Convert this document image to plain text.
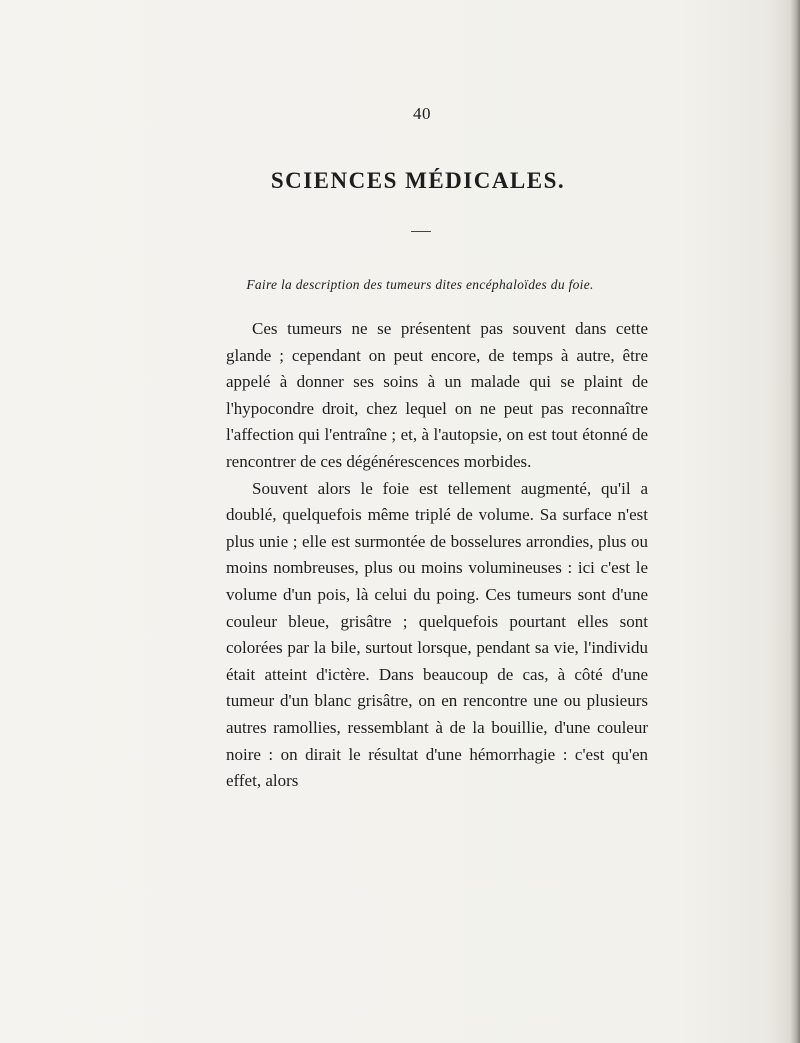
40
SCIENCES MÉDICALES.
Faire la description des tumeurs dites encéphaloïdes du foie.

Ces tumeurs ne se présentent pas souvent dans cette glande ; cependant on peut encore, de temps à autre, être appelé à donner ses soins à un malade qui se plaint de l'hypocondre droit, chez lequel on ne peut pas reconnaître l'affection qui l'entraîne ; et, à l'autopsie, on est tout étonné de rencontrer de ces dégénérescences morbides.

Souvent alors le foie est tellement augmenté, qu'il a doublé, quelquefois même triplé de volume. Sa surface n'est plus unie ; elle est surmontée de bosselures arrondies, plus ou moins nombreuses, plus ou moins volumineuses : ici c'est le volume d'un pois, là celui du poing. Ces tumeurs sont d'une couleur bleue, grisâtre ; quelquefois pourtant elles sont colorées par la bile, surtout lorsque, pendant sa vie, l'individu était atteint d'ictère. Dans beaucoup de cas, à côté d'une tumeur d'un blanc grisâtre, on en rencontre une ou plusieurs autres ramollies, ressemblant à de la bouillie, d'une couleur noire : on dirait le résultat d'une hémorrhagie : c'est qu'en effet, alors
